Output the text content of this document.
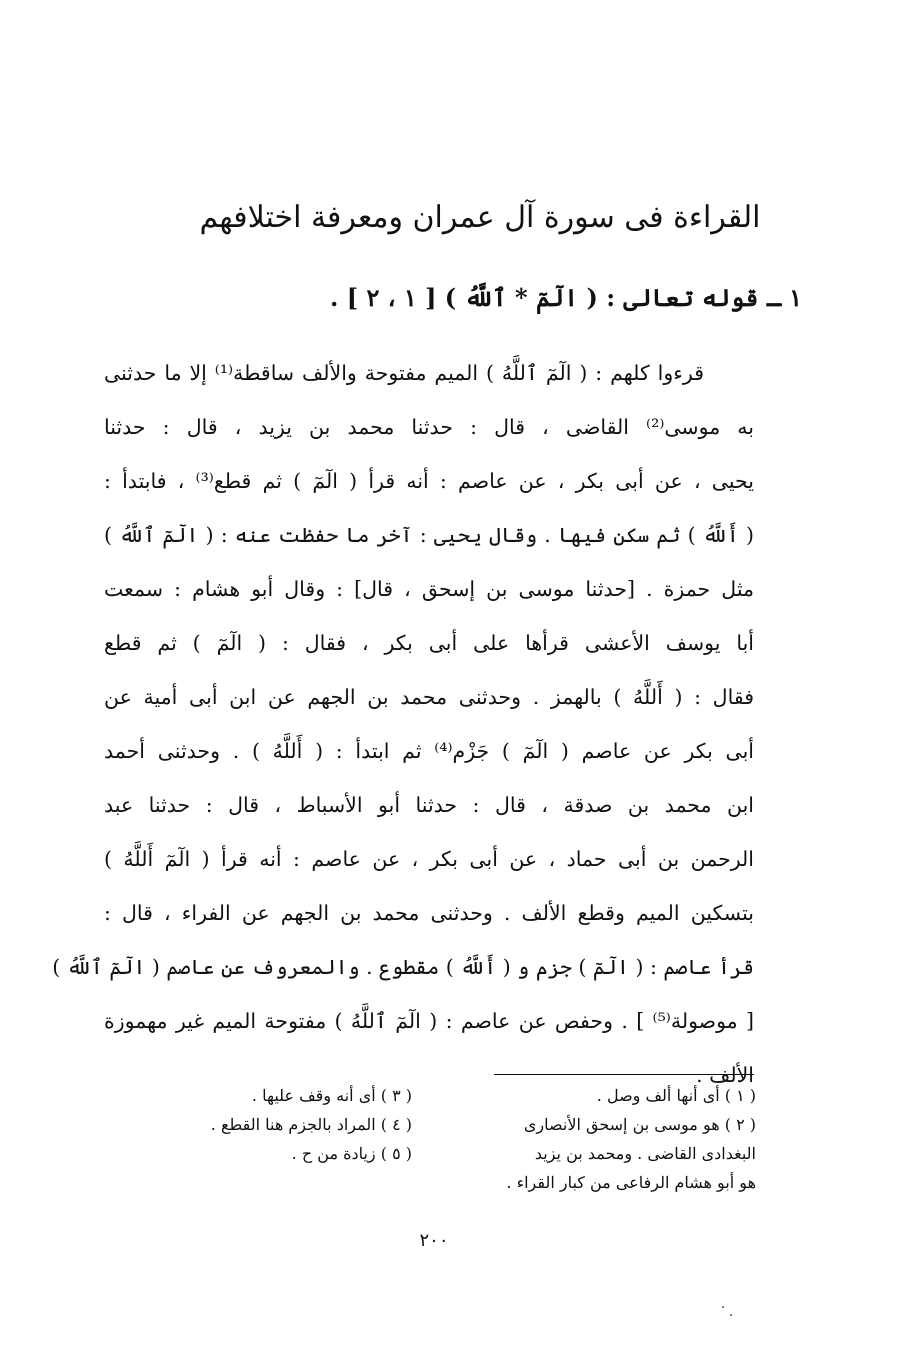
القراءة فى سورة آل عمران ومعرفة اختلافهم
١ ـ قوله تعالى : ( الٓمٓ * ٱللَّهُ ) [ ١ ، ٢ ] .
قرءوا كلهم : ( الٓمٓ ٱللَّهُ ) الميم مفتوحة والألف ساقطة⁽¹⁾ إلا ما حدثنى
به موسى⁽²⁾ القاضى ، قال : حدثنا محمد بن يزيد ، قال : حدثنا
يحيى ، عن أبى بكر ، عن عاصم : أنه قرأ ( الٓمٓ ) ثم قطع⁽³⁾ ، فابتدأ :
( أَللَّهُ ) ثم سكن فيها . وقال يحيى : آخر ما حفظت عنه : ( الٓمٓ ٱللَّهُ )
مثل حمزة . [حدثنا موسى بن إسحق ، قال] : وقال أبو هشام : سمعت
أبا يوسف الأعشى قرأها على أبى بكر ، فقال : ( الٓمٓ ) ثم قطع
فقال : ( أَللَّهُ ) بالهمز . وحدثنى محمد بن الجهم عن ابن أبى أمية عن
أبى بكر عن عاصم ( الٓمٓ ) جَزْم⁽⁴⁾ ثم ابتدأ : ( أَللَّهُ ) . وحدثنى أحمد
ابن محمد بن صدقة ، قال : حدثنا أبو الأسباط ، قال : حدثنا عبد
الرحمن بن أبى حماد ، عن أبى بكر ، عن عاصم : أنه قرأ ( الٓمٓ أَللَّهُ )
بتسكين الميم وقطع الألف . وحدثنى محمد بن الجهم عن الفراء ، قال :
قرأ عاصم : ( الٓمٓ ) جزم و ( أَللَّهُ ) مقطوع . والمعروف عن عاصم ( الٓمٓ ٱللَّهُ )
[ موصولة⁽⁵⁾ ] . وحفص عن عاصم : ( الٓمٓ ٱللَّهُ ) مفتوحة الميم غير مهموزة
الألف .
( ١ ) أى أنها ألف وصل .
( ٢ ) هو موسى بن إسحق الأنصارى
البغدادى القاضى . ومحمد بن يزيد
هو أبو هشام الرفاعى من كبار القراء .
( ٣ ) أى أنه وقف عليها .
( ٤ ) المراد بالجزم هنا القطع .
( ٥ ) زيادة من ح .
٢٠٠
